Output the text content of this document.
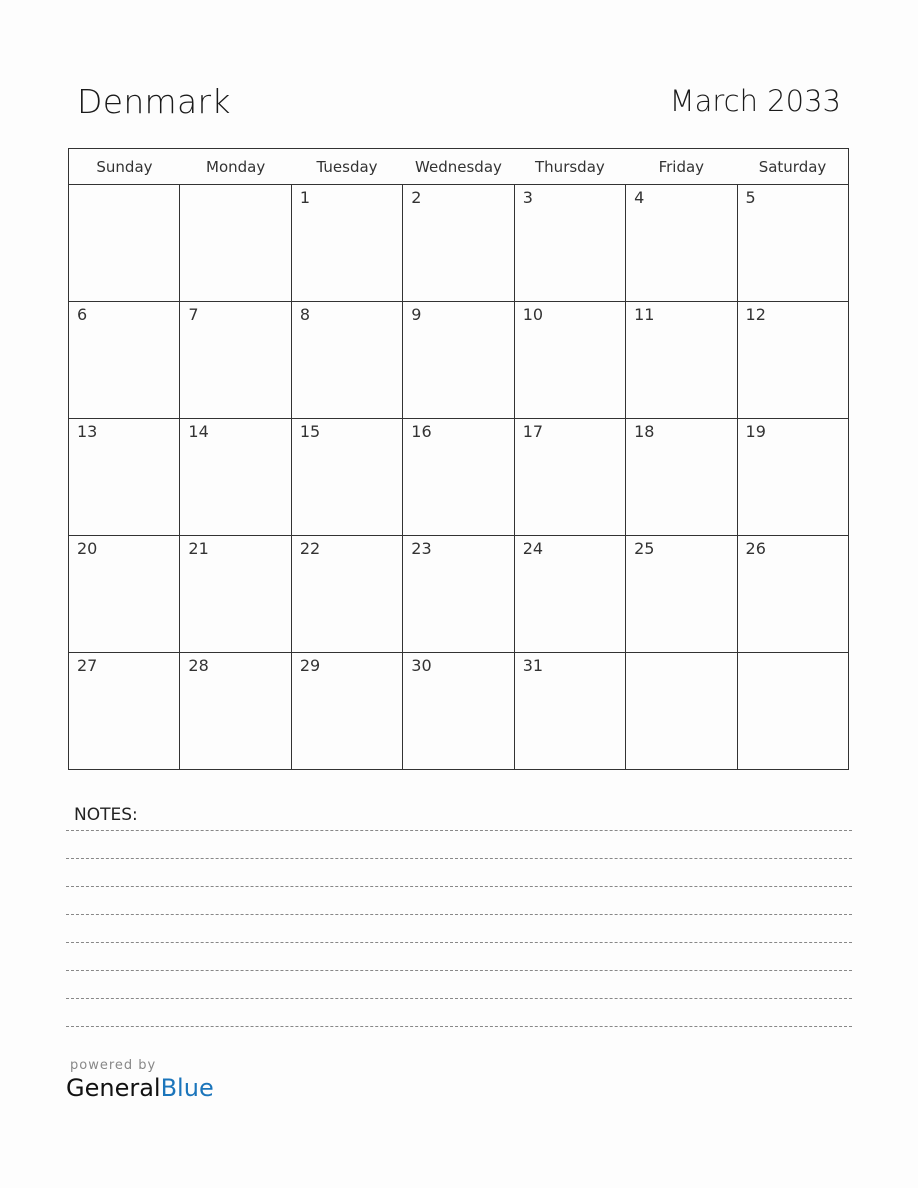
Denmark	March 2033
Sunday	Monday	Tuesday	Wednesday	Thursday	Friday	Saturday

		1	2	3	4	5

6	7	8	9	10	11	12

13	14	15	16	17	18	19

20	21	22	23	24	25	26

27	28	29	30	31		

NOTES:
powered by
GeneralBlue
